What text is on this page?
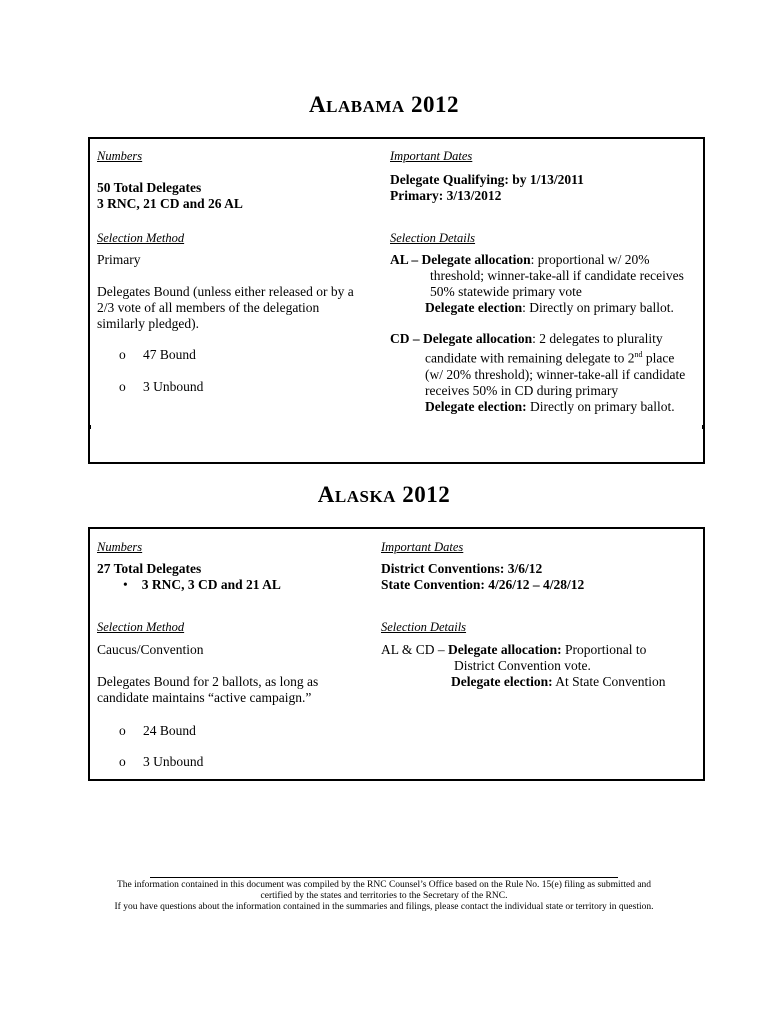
ALABAMA 2012
Numbers
50 Total Delegates
3 RNC, 21 CD and 26 AL
Selection Method
Primary
Delegates Bound (unless either released or by a
2/3 vote of all members of the delegation
similarly pledged).
o 47 Bound
o 3 Unbound
Important Dates
Delegate Qualifying: by 1/13/2011
Primary: 3/13/2012
Selection Details
AL – Delegate allocation: proportional w/ 20%
threshold; winner-take-all if candidate receives
50% statewide primary vote
Delegate election: Directly on primary ballot.
CD – Delegate allocation: 2 delegates to plurality
candidate with remaining delegate to 2nd place
(w/ 20% threshold); winner-take-all if candidate
receives 50% in CD during primary
Delegate election: Directly on primary ballot.
ALASKA 2012
Numbers
27 Total Delegates
• 3 RNC, 3 CD and 21 AL
Selection Method
Caucus/Convention
Delegates Bound for 2 ballots, as long as
candidate maintains “active campaign.”
o 24 Bound
o 3 Unbound
Important Dates
District Conventions: 3/6/12
State Convention: 4/26/12 – 4/28/12
Selection Details
AL & CD – Delegate allocation: Proportional to
District Convention vote.
Delegate election: At State Convention
The information contained in this document was compiled by the RNC Counsel’s Office based on the Rule No. 15(e) filing as submitted and
certified by the states and territories to the Secretary of the RNC.
If you have questions about the information contained in the summaries and filings, please contact the individual state or territory in question.
